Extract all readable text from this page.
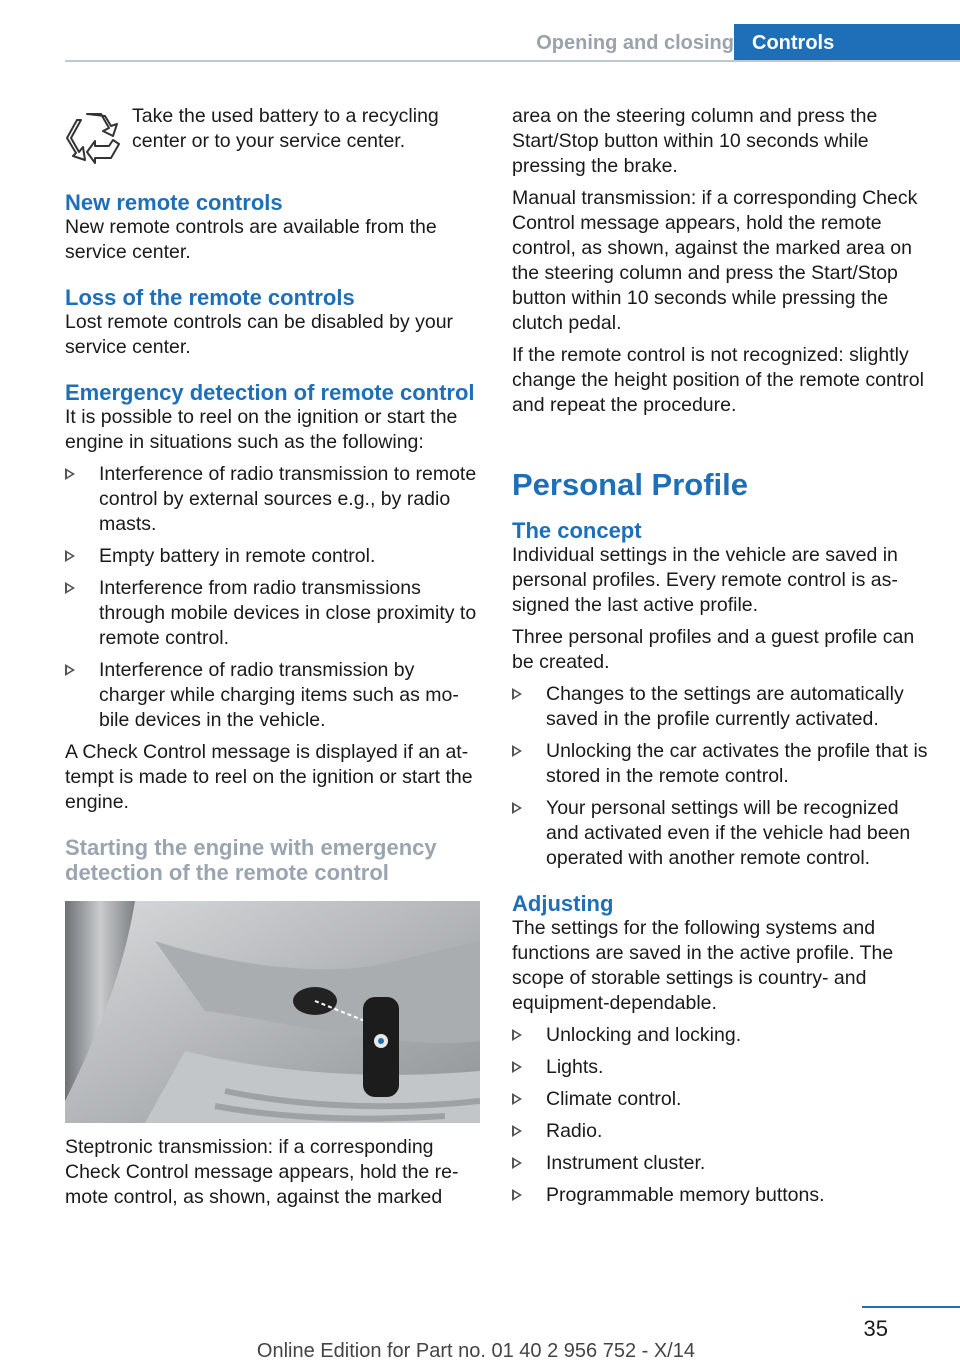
Opening and closing Controls

Take the used battery to a recycling center or to your service center.

New remote controls

New remote controls are available from the service center.

Loss of the remote controls

Lost remote controls can be disabled by your service center.

Emergency detection of remote control

It is possible to reel on the ignition or start the engine in situations such as the following:

Interference of radio transmission to remote control by external sources e.g., by radio masts.
Empty battery in remote control.
Interference from radio transmissions through mobile devices in close proximity to remote control.
Interference of radio transmission by charger while charging items such as mobile devices in the vehicle.

A Check Control message is displayed if an attempt is made to reel on the ignition or start the engine.

Starting the engine with emergency detection of the remote control

Steptronic transmission: if a corresponding Check Control message appears, hold the remote control, as shown, against the marked

area on the steering column and press the Start/Stop button within 10 seconds while pressing the brake.

Manual transmission: if a corresponding Check Control message appears, hold the remote control, as shown, against the marked area on the steering column and press the Start/Stop button within 10 seconds while pressing the clutch pedal.

If the remote control is not recognized: slightly change the height position of the remote control and repeat the procedure.

Personal Profile
The concept

Individual settings in the vehicle are saved in personal profiles. Every remote control is assigned the last active profile.

Three personal profiles and a guest profile can be created.

Changes to the settings are automatically saved in the profile currently activated.
Unlocking the car activates the profile that is stored in the remote control.
Your personal settings will be recognized and activated even if the vehicle had been operated with another remote control.
Adjusting

The settings for the following systems and functions are saved in the active profile. The scope of storable settings is country- and equipment-dependable.

Unlocking and locking.
Lights.
Climate control.
Radio.
Instrument cluster.
Programmable memory buttons.
35
Online Edition for Part no. 01 40 2 956 752 - X/14
